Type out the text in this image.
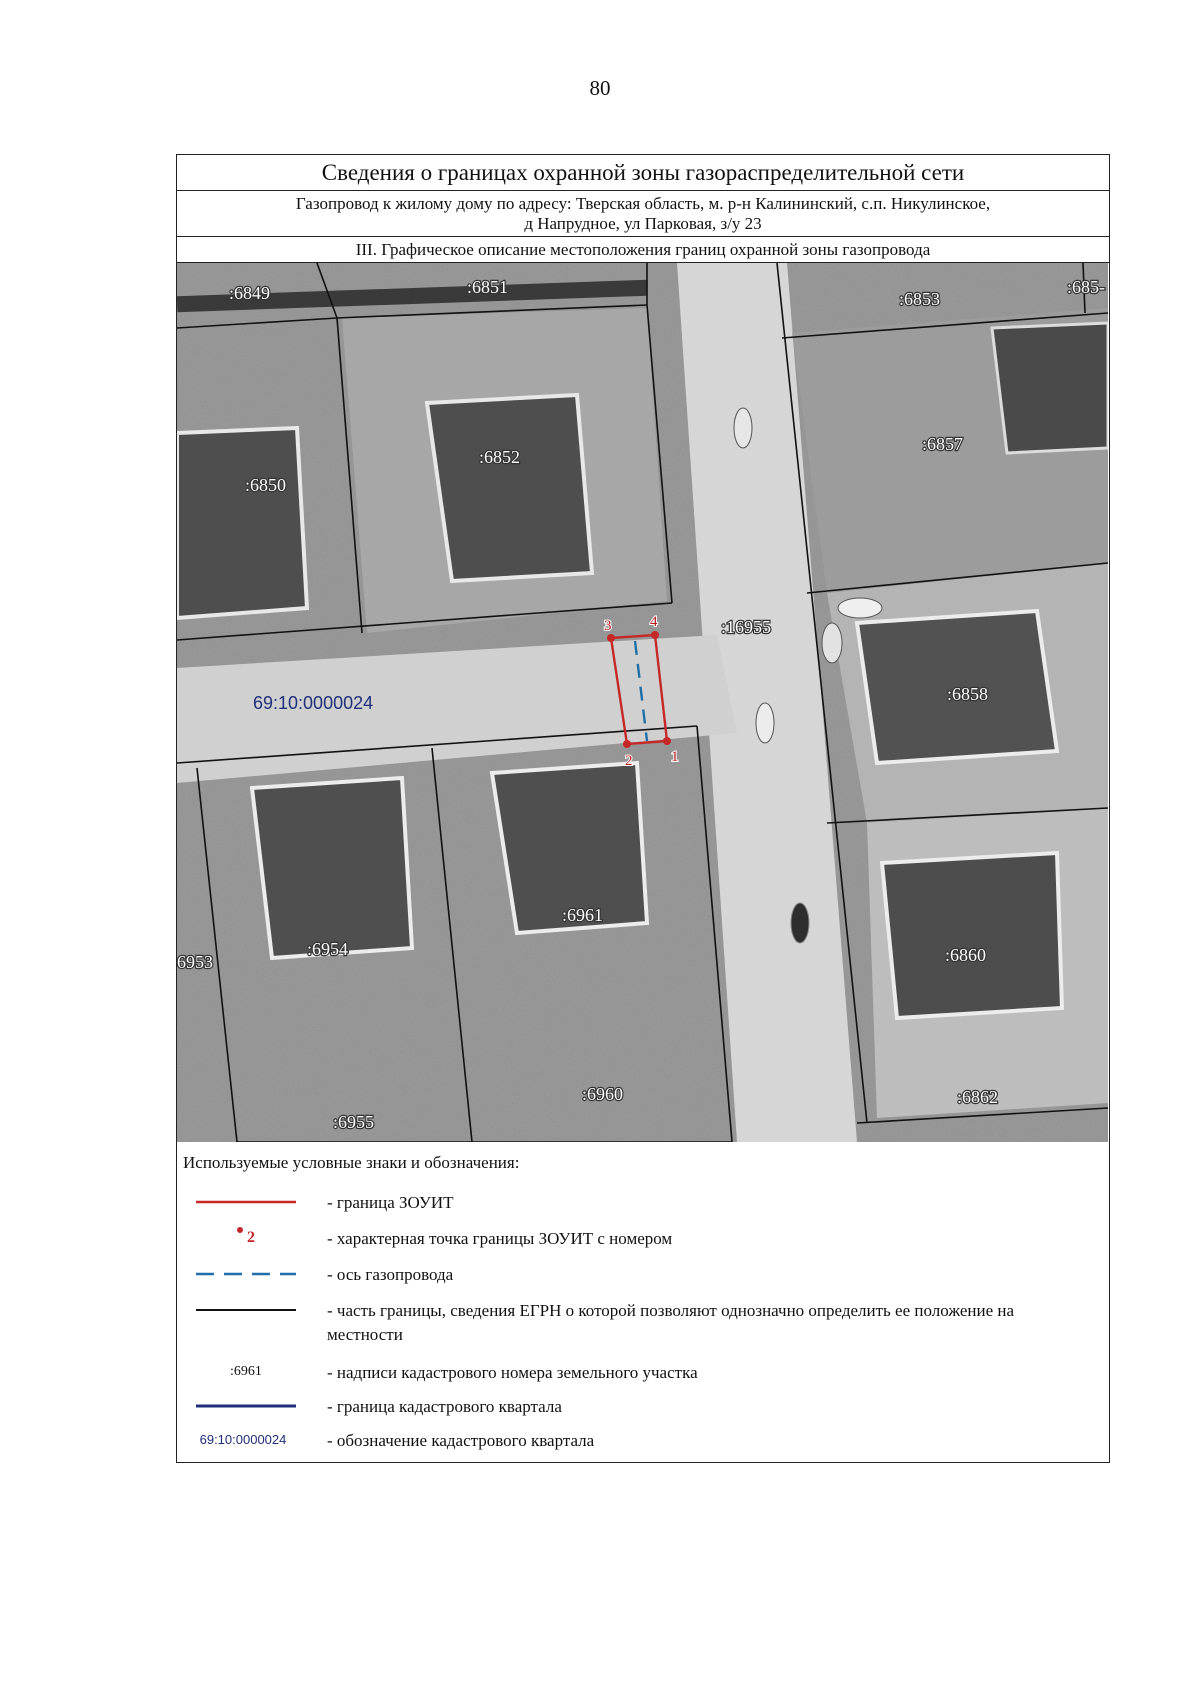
80
Сведения о границах охранной зоны газораспределительной сети
Газопровод к жилому дому по адресу: Тверская область, м. р-н Калининский, с.п. Никулинское,
д Напрудное, ул Парковая, з/у 23
III. Графическое описание местоположения границ охранной зоны газопровода
1
2
3	4
:6849	:6851
:6853
:685-
:6857
:6852
:6850
:16955
:6858
:6961
:6954
6953	:6860
:6955
:6960	:6862
69:10:0000024
Используемые условные знаки и обозначения:
- граница ЗОУИТ
2	- характерная точка границы ЗОУИТ с номером
- ось газопровода
- часть границы, сведения ЕГРН о которой позволяют однозначно определить ее положение на местности
:6961	- надписи кадастрового номера земельного участка
- граница кадастрового квартала
69:10:0000024	- обозначение кадастрового квартала
